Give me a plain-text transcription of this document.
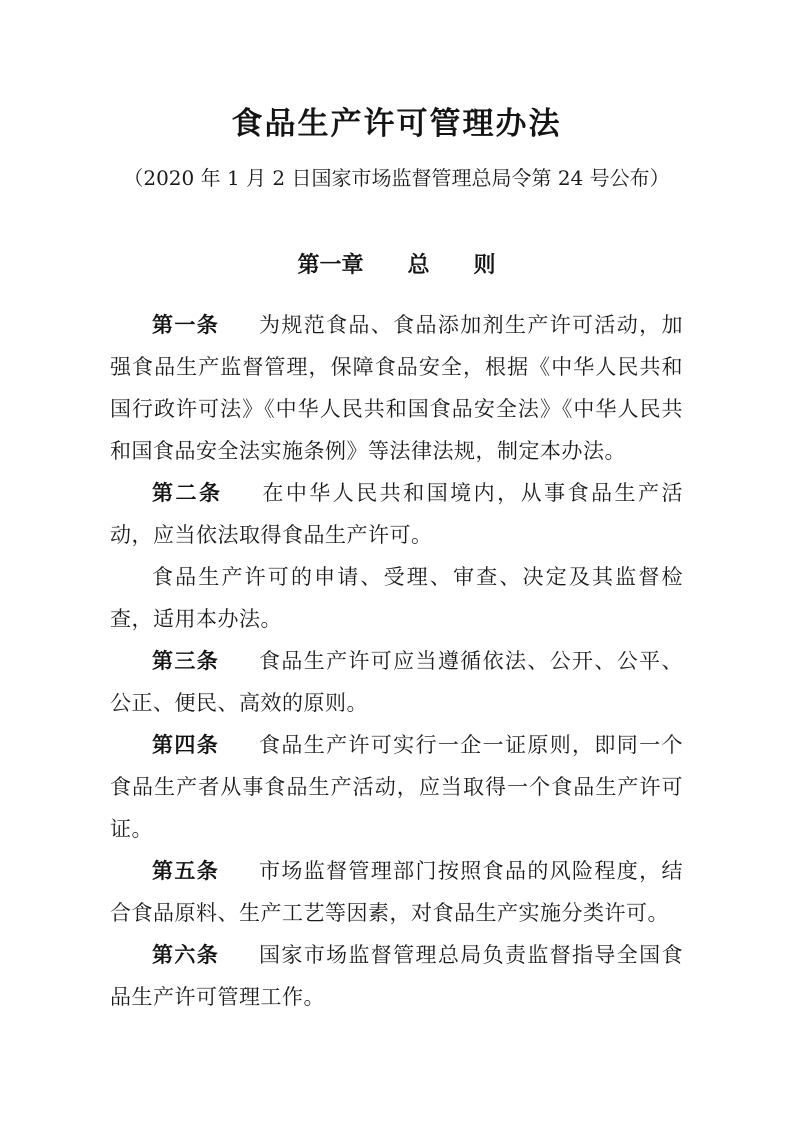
食品生产许可管理办法

（2020 年 1 月 2 日国家市场监督管理总局令第 24 号公布）

第一章　　总　　则

第一条 为规范食品、食品添加剂生产许可活动，加强食品生产监督管理，保障食品安全，根据《中华人民共和国行政许可法》《中华人民共和国食品安全法》《中华人民共和国食品安全法实施条例》等法律法规，制定本办法。

第二条 在中华人民共和国境内，从事食品生产活动，应当依法取得食品生产许可。

食品生产许可的申请、受理、审查、决定及其监督检查，适用本办法。

第三条 食品生产许可应当遵循依法、公开、公平、公正、便民、高效的原则。

第四条 食品生产许可实行一企一证原则，即同一个食品生产者从事食品生产活动，应当取得一个食品生产许可证。

第五条 市场监督管理部门按照食品的风险程度，结合食品原料、生产工艺等因素，对食品生产实施分类许可。

第六条 国家市场监督管理总局负责监督指导全国食品生产许可管理工作。
